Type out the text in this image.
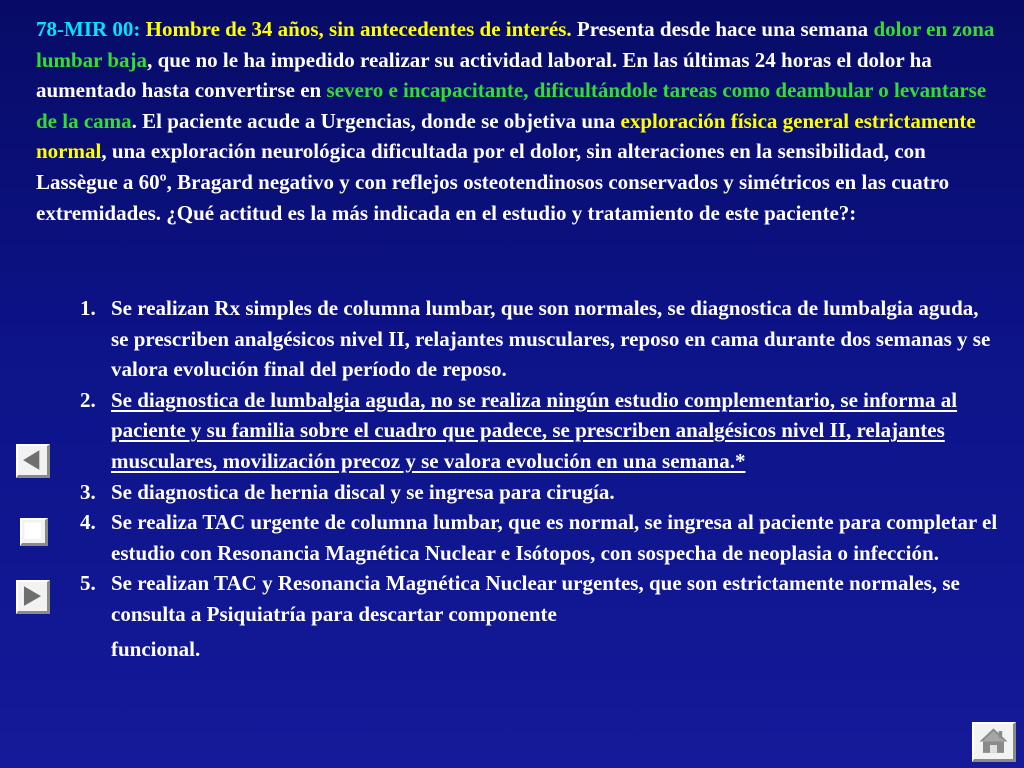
78-MIR 00: Hombre de 34 años, sin antecedentes de interés. Presenta desde hace una semana dolor en zona lumbar baja, que no le ha impedido realizar su actividad laboral. En las últimas 24 horas el dolor ha aumentado hasta convertirse en severo e incapacitante, dificultándole tareas como deambular o levantarse de la cama. El paciente acude a Urgencias, donde se objetiva una exploración física general estrictamente normal, una exploración neurológica dificultada por el dolor, sin alteraciones en la sensibilidad, con Lassègue a 60º, Bragard negativo y con reflejos osteotendinosos conservados y simétricos en las cuatro extremidades. ¿Qué actitud es la más indicada en el estudio y tratamiento de este paciente?:

1. Se realizan Rx simples de columna lumbar, que son normales, se diagnostica de lumbalgia aguda, se prescriben analgésicos nivel II, relajantes musculares, reposo en cama durante dos semanas y se valora evolución final del período de reposo.
2. Se diagnostica de lumbalgia aguda, no se realiza ningún estudio complementario, se informa al paciente y su familia sobre el cuadro que padece, se prescriben analgésicos nivel II, relajantes musculares, movilización precoz y se valora evolución en una semana.*
3. Se diagnostica de hernia discal y se ingresa para cirugía.
4. Se realiza TAC urgente de columna lumbar, que es normal, se ingresa al paciente para completar el estudio con Resonancia Magnética Nuclear e Isótopos, con sospecha de neoplasia o infección.
5. Se realizan TAC y Resonancia Magnética Nuclear urgentes, que son estrictamente normales, se consulta a Psiquiatría para descartar componente
funcional.
